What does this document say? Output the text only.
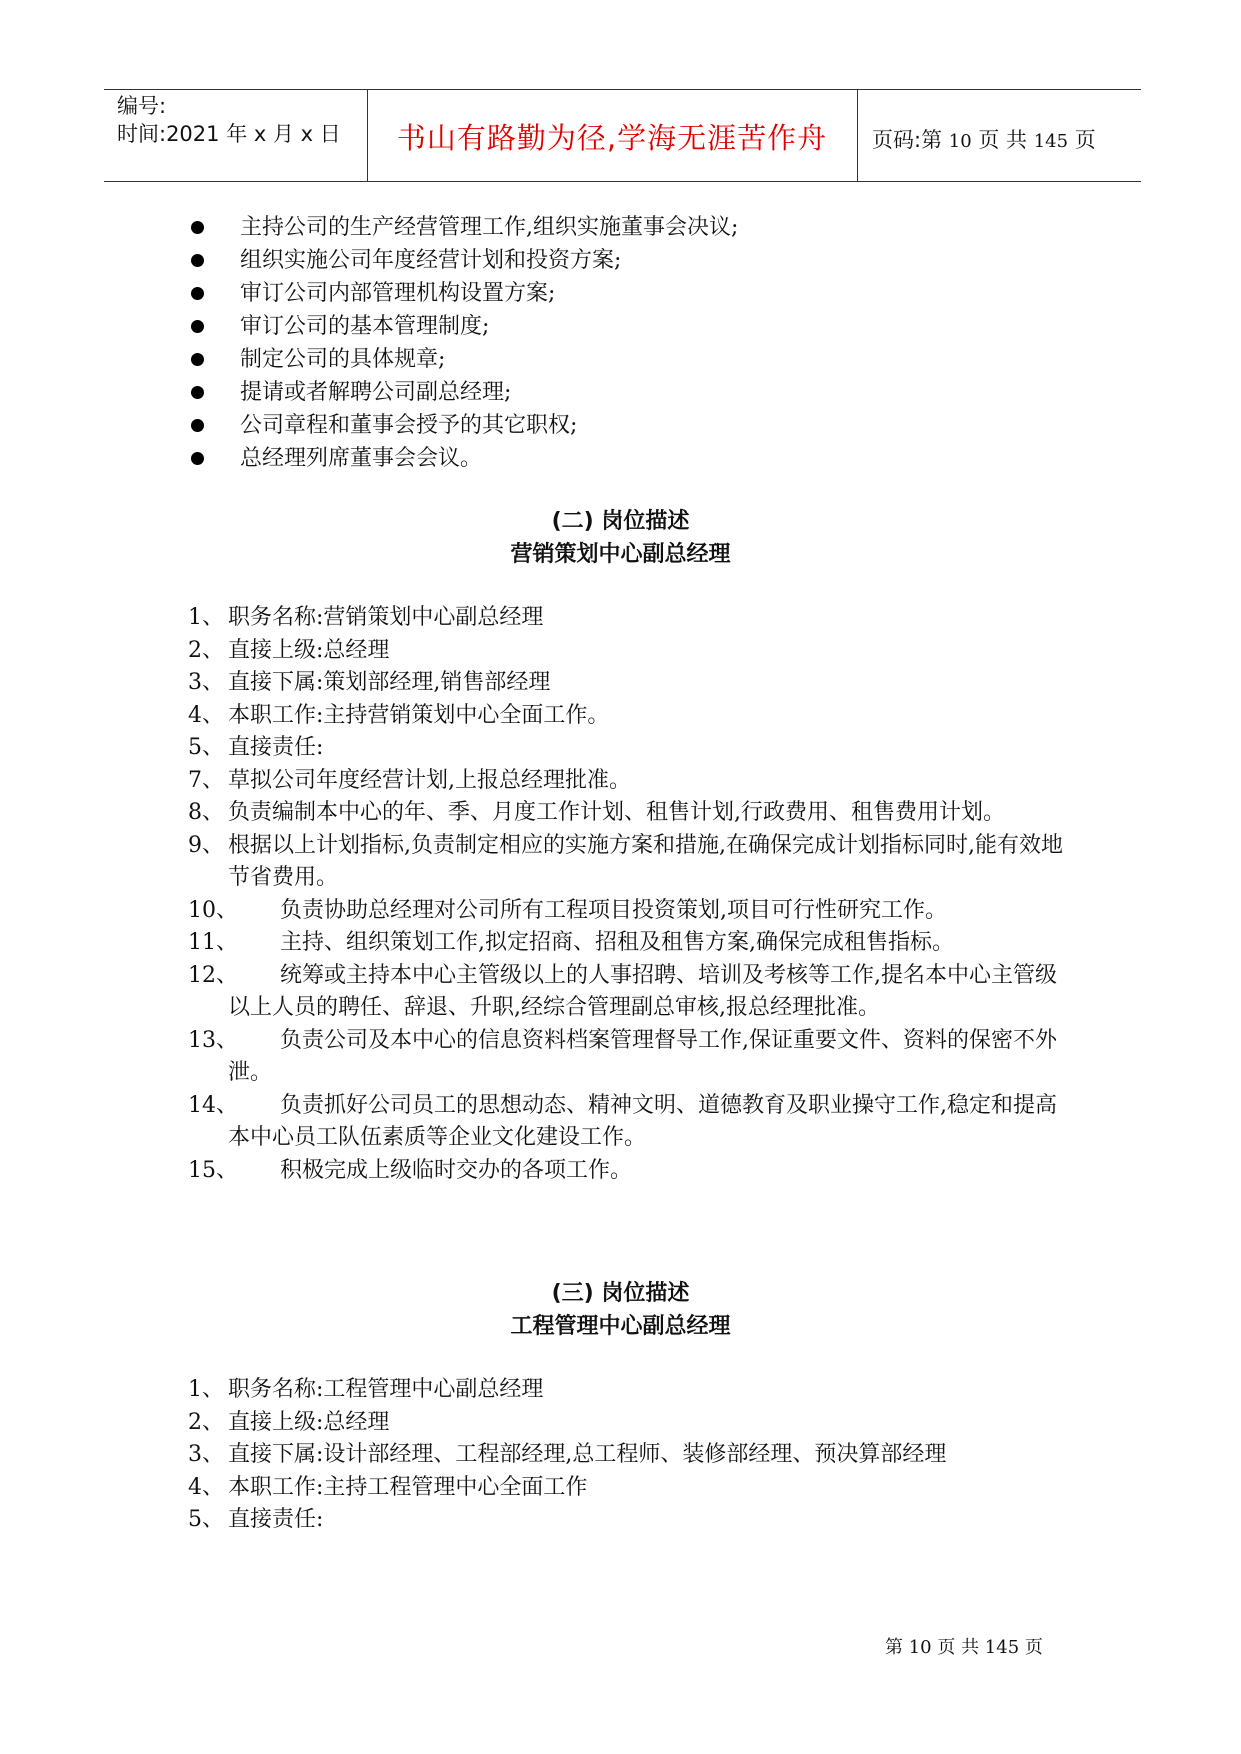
编号:
时间:2021 年 x 月 x 日	书山有路勤为径,学海无涯苦作舟	页码:第 10 页 共 145 页
主持公司的生产经营管理工作,组织实施董事会决议;
组织实施公司年度经营计划和投资方案;
审订公司内部管理机构设置方案;
审订公司的基本管理制度;
制定公司的具体规章;
提请或者解聘公司副总经理;
公司章程和董事会授予的其它职权;
总经理列席董事会会议。
(二) 岗位描述
营销策划中心副总经理
1、 职务名称:营销策划中心副总经理
2、 直接上级:总经理
3、 直接下属:策划部经理,销售部经理
4、 本职工作:主持营销策划中心全面工作。
5、 直接责任:
7、 草拟公司年度经营计划,上报总经理批准。
8、 负责编制本中心的年、季、月度工作计划、租售计划,行政费用、租售费用计划。
9、 根据以上计划指标,负责制定相应的实施方案和措施,在确保完成计划指标同时,能有效地节省费用。
10、 负责协助总经理对公司所有工程项目投资策划,项目可行性研究工作。
11、 主持、组织策划工作,拟定招商、招租及租售方案,确保完成租售指标。
12、 统筹或主持本中心主管级以上的人事招聘、培训及考核等工作,提名本中心主管级以上人员的聘任、辞退、升职,经综合管理副总审核,报总经理批准。
13、 负责公司及本中心的信息资料档案管理督导工作,保证重要文件、资料的保密不外泄。
14、 负责抓好公司员工的思想动态、精神文明、道德教育及职业操守工作,稳定和提高本中心员工队伍素质等企业文化建设工作。
15、 积极完成上级临时交办的各项工作。
(三) 岗位描述
工程管理中心副总经理
1、 职务名称:工程管理中心副总经理
2、 直接上级:总经理
3、 直接下属:设计部经理、工程部经理,总工程师、装修部经理、预决算部经理
4、 本职工作:主持工程管理中心全面工作
5、 直接责任:
第 10 页 共 145 页
